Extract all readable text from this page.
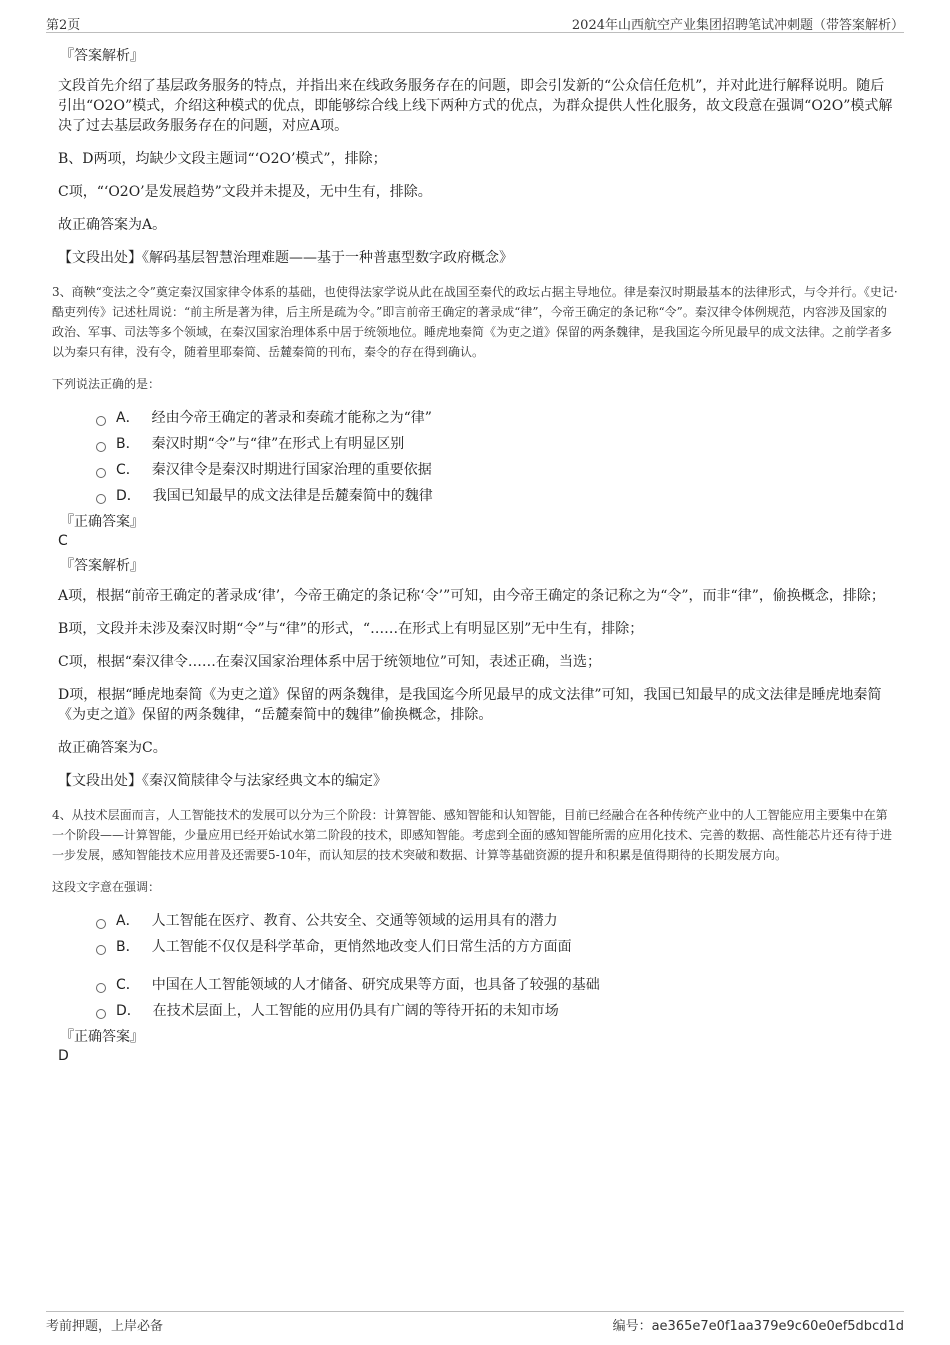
第2页	2024年山西航空产业集团招聘笔试冲刺题（带答案解析）
『答案解析』

文段首先介绍了基层政务服务的特点，并指出来在线政务服务存在的问题，即会引发新的“公众信任危机”，并对此进行解释说明。随后引出“O2O”模式，介绍这种模式的优点，即能够综合线上线下两种方式的优点，为群众提供人性化服务，故文段意在强调“O2O”模式解决了过去基层政务服务存在的问题，对应A项。

B、D两项，均缺少文段主题词“‘O2O’模式”，排除；

C项，“‘O2O’是发展趋势”文段并未提及，无中生有，排除。

故正确答案为A。

【文段出处】《解码基层智慧治理难题——基于一种普惠型数字政府概念》

3、商鞅“变法之令”奠定秦汉国家律令体系的基础，也使得法家学说从此在战国至秦代的政坛占据主导地位。律是秦汉时期最基本的法律形式，与令并行。《史记·酷吏列传》记述杜周说：“前主所是著为律，后主所是疏为令。”即言前帝王确定的著录成“律”，今帝王确定的条记称“令”。秦汉律令体例规范，内容涉及国家的政治、军事、司法等多个领域，在秦汉国家治理体系中居于统领地位。睡虎地秦简《为吏之道》保留的两条魏律，是我国迄今所见最早的成文法律。之前学者多以为秦只有律，没有令，随着里耶秦简、岳麓秦简的刊布，秦令的存在得到确认。

下列说法正确的是：

A． 经由今帝王确定的著录和奏疏才能称之为“律”
B． 秦汉时期“令”与“律”在形式上有明显区别
C． 秦汉律令是秦汉时期进行国家治理的重要依据
D． 我国已知最早的成文法律是岳麓秦简中的魏律
『正确答案』
C
『答案解析』

A项，根据“前帝王确定的著录成‘律’，今帝王确定的条记称‘令’”可知，由今帝王确定的条记称之为“令”，而非“律”，偷换概念，排除；

B项，文段并未涉及秦汉时期“令”与“律”的形式，“……在形式上有明显区别”无中生有，排除；

C项，根据“秦汉律令……在秦汉国家治理体系中居于统领地位”可知，表述正确，当选；

D项，根据“睡虎地秦简《为吏之道》保留的两条魏律，是我国迄今所见最早的成文法律”可知，我国已知最早的成文法律是睡虎地秦简《为吏之道》保留的两条魏律，“岳麓秦简中的魏律”偷换概念，排除。

故正确答案为C。

【文段出处】《秦汉简牍律令与法家经典文本的编定》

4、从技术层面而言，人工智能技术的发展可以分为三个阶段：计算智能、感知智能和认知智能，目前已经融合在各种传统产业中的人工智能应用主要集中在第一个阶段——计算智能，少量应用已经开始试水第二阶段的技术，即感知智能。考虑到全面的感知智能所需的应用化技术、完善的数据、高性能芯片还有待于进一步发展，感知智能技术应用普及还需要5-10年，而认知层的技术突破和数据、计算等基础资源的提升和积累是值得期待的长期发展方向。

这段文字意在强调：

A． 人工智能在医疗、教育、公共安全、交通等领域的运用具有的潜力
B． 人工智能不仅仅是科学革命，更悄然地改变人们日常生活的方方面面
C． 中国在人工智能领域的人才储备、研究成果等方面，也具备了较强的基础
D． 在技术层面上，人工智能的应用仍具有广阔的等待开拓的未知市场
『正确答案』
D
考前押题，上岸必备	编号：ae365e7e0f1aa379e9c60e0ef5dbcd1d
